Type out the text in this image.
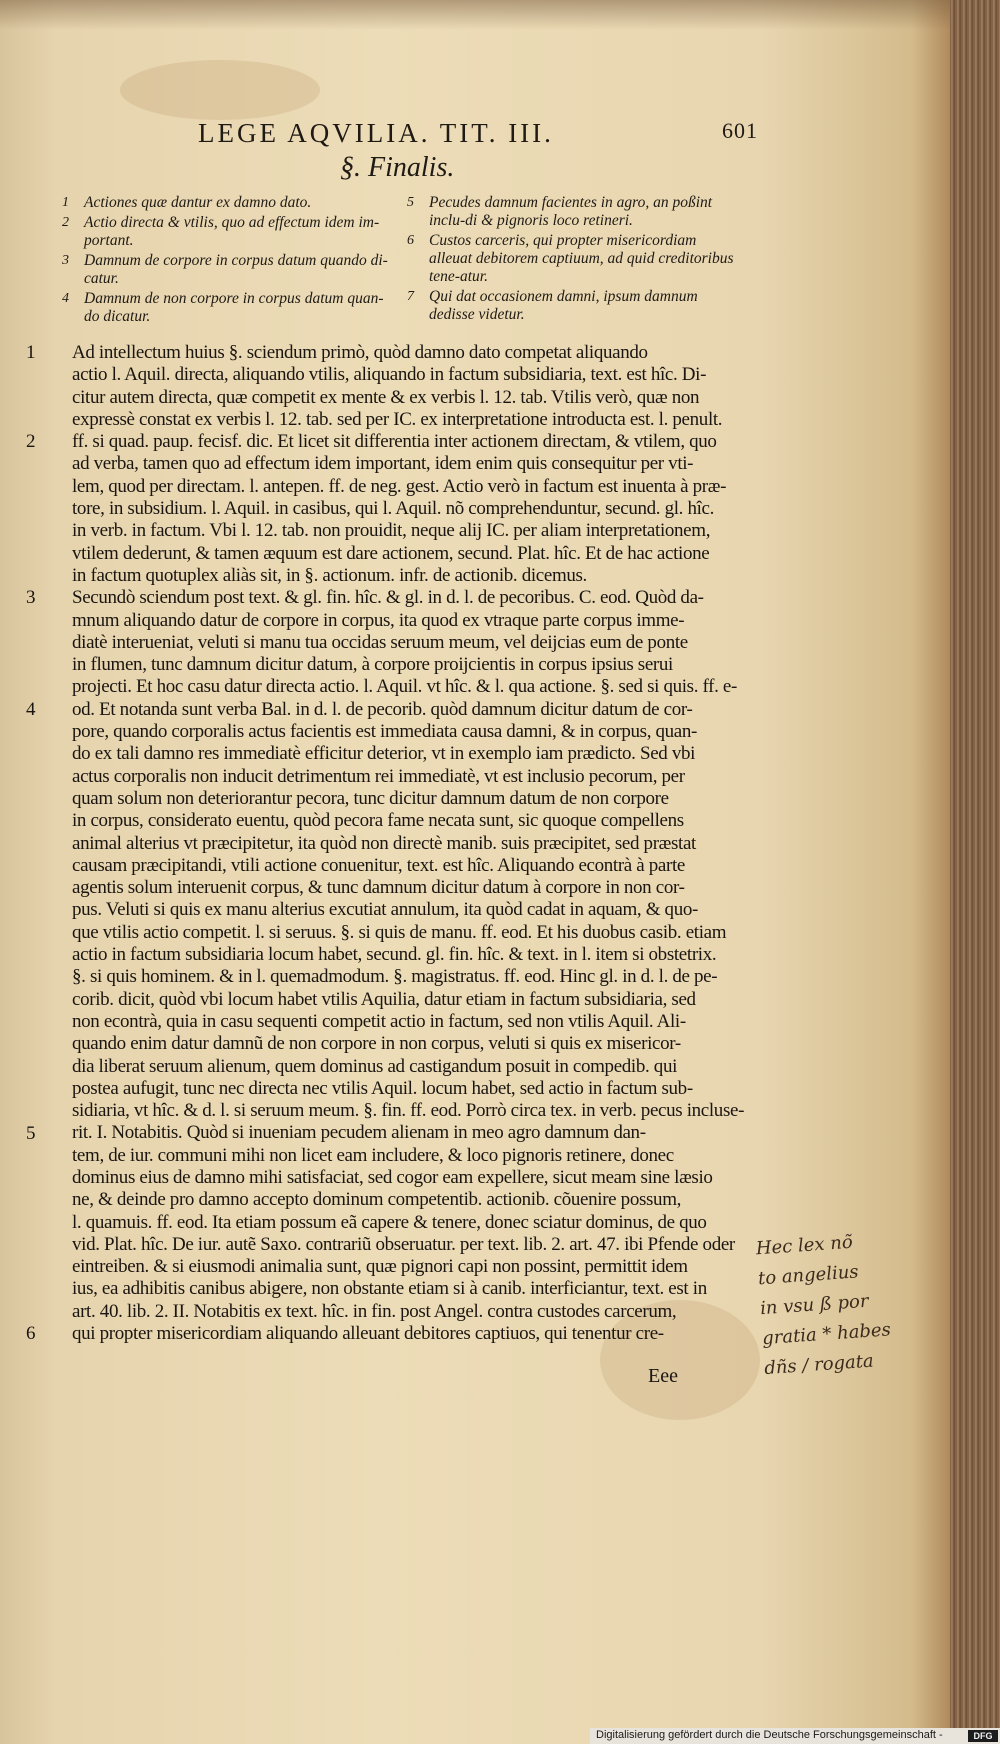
LEGE AQVILIA. TIT. III.	601
§. Finalis.
1 Actiones quæ dantur ex damno dato.
2 Actio directa & vtilis, quo ad effectum idem im-portant.
3 Damnum de corpore in corpus datum quando di-catur.
4 Damnum de non corpore in corpus datum quan-do dicatur.
5 Pecudes damnum facientes in agro, an poßint inclu-di & pignoris loco retineri.
6 Custos carceris, qui propter misericordiam alleuat debitorem captiuum, ad quid creditoribus tene-atur.
7 Qui dat occasionem damni, ipsum damnum dedisse videtur.
1
2
3
4
5
6
Ad intellectum huius §. sciendum primò, quòd damno dato competat aliquando
actio l. Aquil. directa, aliquando vtilis, aliquando in factum subsidiaria, text. est hîc. Di-
citur autem directa, quæ competit ex mente & ex verbis l. 12. tab. Vtilis verò, quæ non
expressè constat ex verbis l. 12. tab. sed per IC. ex interpretatione introducta est. l. penult.
ff. si quad. paup. fecisf. dic. Et licet sit differentia inter actionem directam, & vtilem, quo
ad verba, tamen quo ad effectum idem important, idem enim quis consequitur per vti-
lem, quod per directam. l. antepen. ff. de neg. gest. Actio verò in factum est inuenta à præ-
tore, in subsidium. l. Aquil. in casibus, qui l. Aquil. nõ comprehenduntur, secund. gl. hîc.
in verb. in factum. Vbi l. 12. tab. non prouidit, neque alij IC. per aliam interpretationem,
vtilem dederunt, & tamen æquum est dare actionem, secund. Plat. hîc. Et de hac actione
in factum quotuplex aliàs sit, in §. actionum. infr. de actionib. dicemus.
Secundò sciendum post text. & gl. fin. hîc. & gl. in d. l. de pecoribus. C. eod. Quòd da-
mnum aliquando datur de corpore in corpus, ita quod ex vtraque parte corpus imme-
diatè interueniat, veluti si manu tua occidas seruum meum, vel deijcias eum de ponte
in flumen, tunc damnum dicitur datum, à corpore proijcientis in corpus ipsius serui
projecti. Et hoc casu datur directa actio. l. Aquil. vt hîc. & l. qua actione. §. sed si quis. ff. e-
od. Et notanda sunt verba Bal. in d. l. de pecorib. quòd damnum dicitur datum de cor-
pore, quando corporalis actus facientis est immediata causa damni, & in corpus, quan-
do ex tali damno res immediatè efficitur deterior, vt in exemplo iam prædicto. Sed vbi
actus corporalis non inducit detrimentum rei immediatè, vt est inclusio pecorum, per
quam solum non deteriorantur pecora, tunc dicitur damnum datum de non corpore
in corpus, considerato euentu, quòd pecora fame necata sunt, sic quoque compellens
animal alterius vt præcipitetur, ita quòd non directè manib. suis præcipitet, sed præstat
causam præcipitandi, vtili actione conuenitur, text. est hîc. Aliquando econtrà à parte
agentis solum interuenit corpus, & tunc damnum dicitur datum à corpore in non cor-
pus. Veluti si quis ex manu alterius excutiat annulum, ita quòd cadat in aquam, & quo-
que vtilis actio competit. l. si seruus. §. si quis de manu. ff. eod. Et his duobus casib. etiam
actio in factum subsidiaria locum habet, secund. gl. fin. hîc. & text. in l. item si obstetrix.
§. si quis hominem. & in l. quemadmodum. §. magistratus. ff. eod. Hinc gl. in d. l. de pe-
corib. dicit, quòd vbi locum habet vtilis Aquilia, datur etiam in factum subsidiaria, sed
non econtrà, quia in casu sequenti competit actio in factum, sed non vtilis Aquil. Ali-
quando enim datur damnũ de non corpore in non corpus, veluti si quis ex misericor-
dia liberat seruum alienum, quem dominus ad castigandum posuit in compedib. qui
postea aufugit, tunc nec directa nec vtilis Aquil. locum habet, sed actio in factum sub-
sidiaria, vt hîc. & d. l. si seruum meum. §. fin. ff. eod. Porrò circa tex. in verb. pecus incluse-
rit. I. Notabitis. Quòd si inueniam pecudem alienam in meo agro damnum dan-
tem, de iur. communi mihi non licet eam includere, & loco pignoris retinere, donec
dominus eius de damno mihi satisfaciat, sed cogor eam expellere, sicut meam sine læsio
ne, & deinde pro damno accepto dominum competentib. actionib. cõuenire possum,
l. quamuis. ff. eod. Ita etiam possum eã capere & tenere, donec sciatur dominus, de quo
vid. Plat. hîc. De iur. autẽ Saxo. contrariũ obseruatur. per text. lib. 2. art. 47. ibi Pfende oder
eintreiben. & si eiusmodi animalia sunt, quæ pignori capi non possint, permittit idem
ius, ea adhibitis canibus abigere, non obstante etiam si à canib. interficiantur, text. est in
art. 40. lib. 2. II. Notabitis ex text. hîc. in fin. post Angel. contra custodes carcerum,
qui propter misericordiam aliquando alleuant debitores captiuos, qui tenentur cre-
Eee
Hec lex nõ
to angelius
in vsu ß por
gratia * habes
dñs / rogata
Digitalisierung gefördert durch die Deutsche Forschungsgemeinschaft -	DFG
